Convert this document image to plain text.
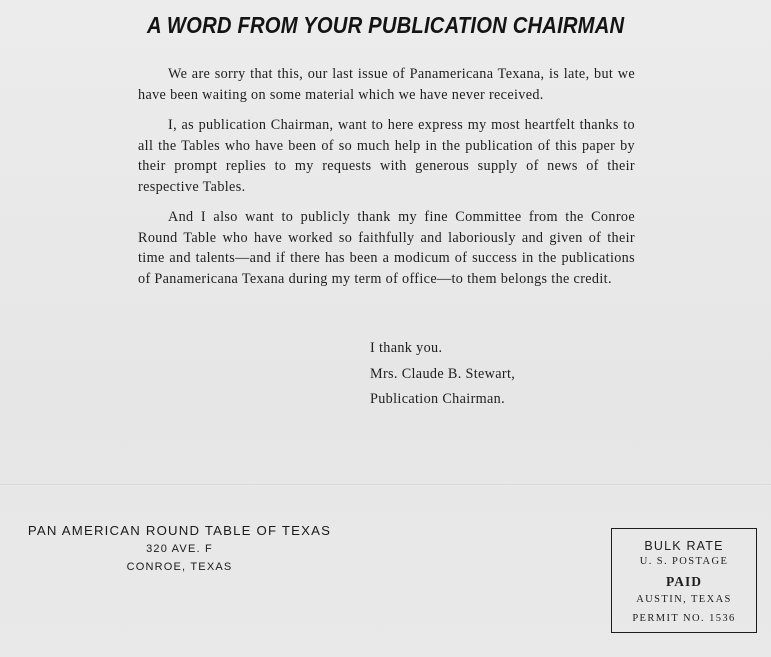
A WORD FROM YOUR PUBLICATION CHAIRMAN

We are sorry that this, our last issue of Panamericana Texana, is late, but we have been waiting on some material which we have never received.

I, as publication Chairman, want to here express my most heartfelt thanks to all the Tables who have been of so much help in the publication of this paper by their prompt replies to my requests with generous supply of news of their respective Tables.

And I also want to publicly thank my fine Committee from the Conroe Round Table who have worked so faithfully and laboriously and given of their time and talents—and if there has been a modicum of success in the publications of Panamericana Texana during my term of office—to them belongs the credit.

I thank you.
Mrs. Claude B. Stewart,
Publication Chairman.
PAN AMERICAN ROUND TABLE OF TEXAS
320 AVE. F
CONROE, TEXAS
BULK RATE
U. S. POSTAGE
PAID
AUSTIN, TEXAS
PERMIT NO. 1536
